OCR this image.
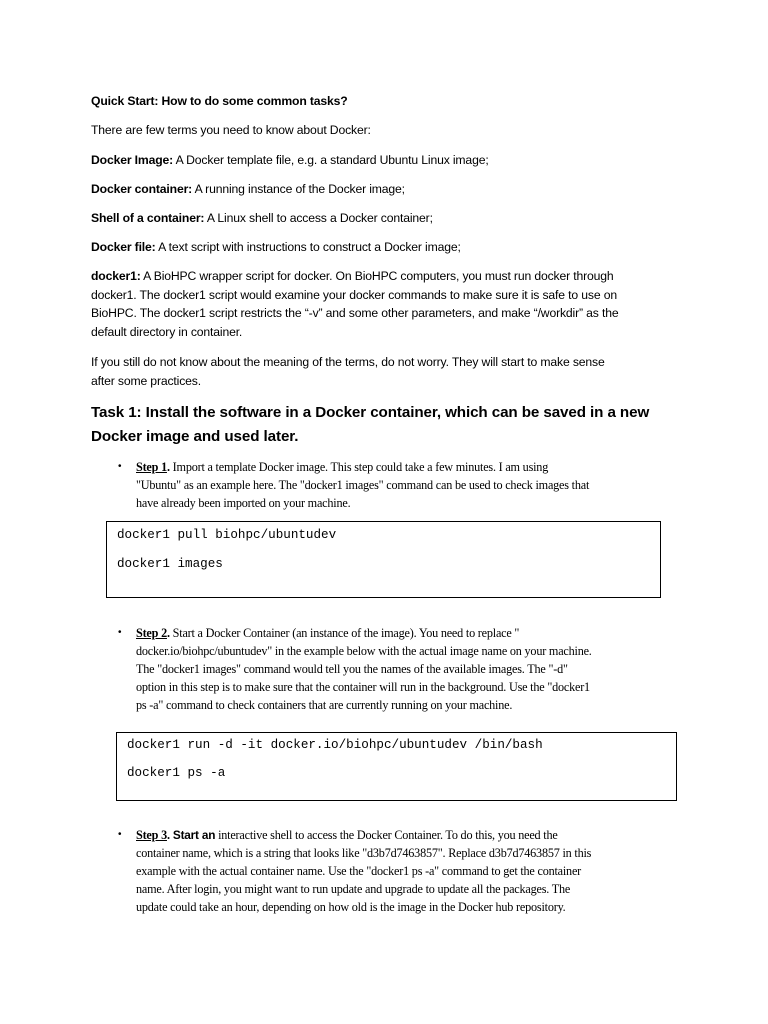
Quick Start: How to do some common tasks?
There are few terms you need to know about Docker:
Docker Image: A Docker template file, e.g. a standard Ubuntu Linux image;
Docker container: A running instance of the Docker image;
Shell of a container: A Linux shell to access a Docker container;
Docker file: A text script with instructions to construct a Docker image;
docker1: A BioHPC wrapper script for docker. On BioHPC computers, you must run docker through
docker1. The docker1 script would examine your docker commands to make sure it is safe to use on
BioHPC. The docker1 script restricts the “-v” and some other parameters, and make “/workdir” as the
default directory in container.
If you still do not know about the meaning of the terms, do not worry. They will start to make sense
after some practices.
Task 1: Install the software in a Docker container, which can be saved in a new
Docker image and used later.
• Step 1. Import a template Docker image. This step could take a few minutes. I am using
"Ubuntu" as an example here. The "docker1 images" command can be used to check images that
have already been imported on your machine.
docker1 pull biohpc/ubuntudev
docker1 images
• Step 2. Start a Docker Container (an instance of the image). You need to replace "
docker.io/biohpc/ubuntudev" in the example below with the actual image name on your machine.
The "docker1 images" command would tell you the names of the available images. The "-d"
option in this step is to make sure that the container will run in the background. Use the "docker1
ps -a" command to check containers that are currently running on your machine.
docker1 run -d -it docker.io/biohpc/ubuntudev /bin/bash
docker1 ps -a
• Step 3. Start an interactive shell to access the Docker Container. To do this, you need the
container name, which is a string that looks like "d3b7d7463857". Replace d3b7d7463857 in this
example with the actual container name. Use the "docker1 ps -a" command to get the container
name. After login, you might want to run update and upgrade to update all the packages. The
update could take an hour, depending on how old is the image in the Docker hub repository.
